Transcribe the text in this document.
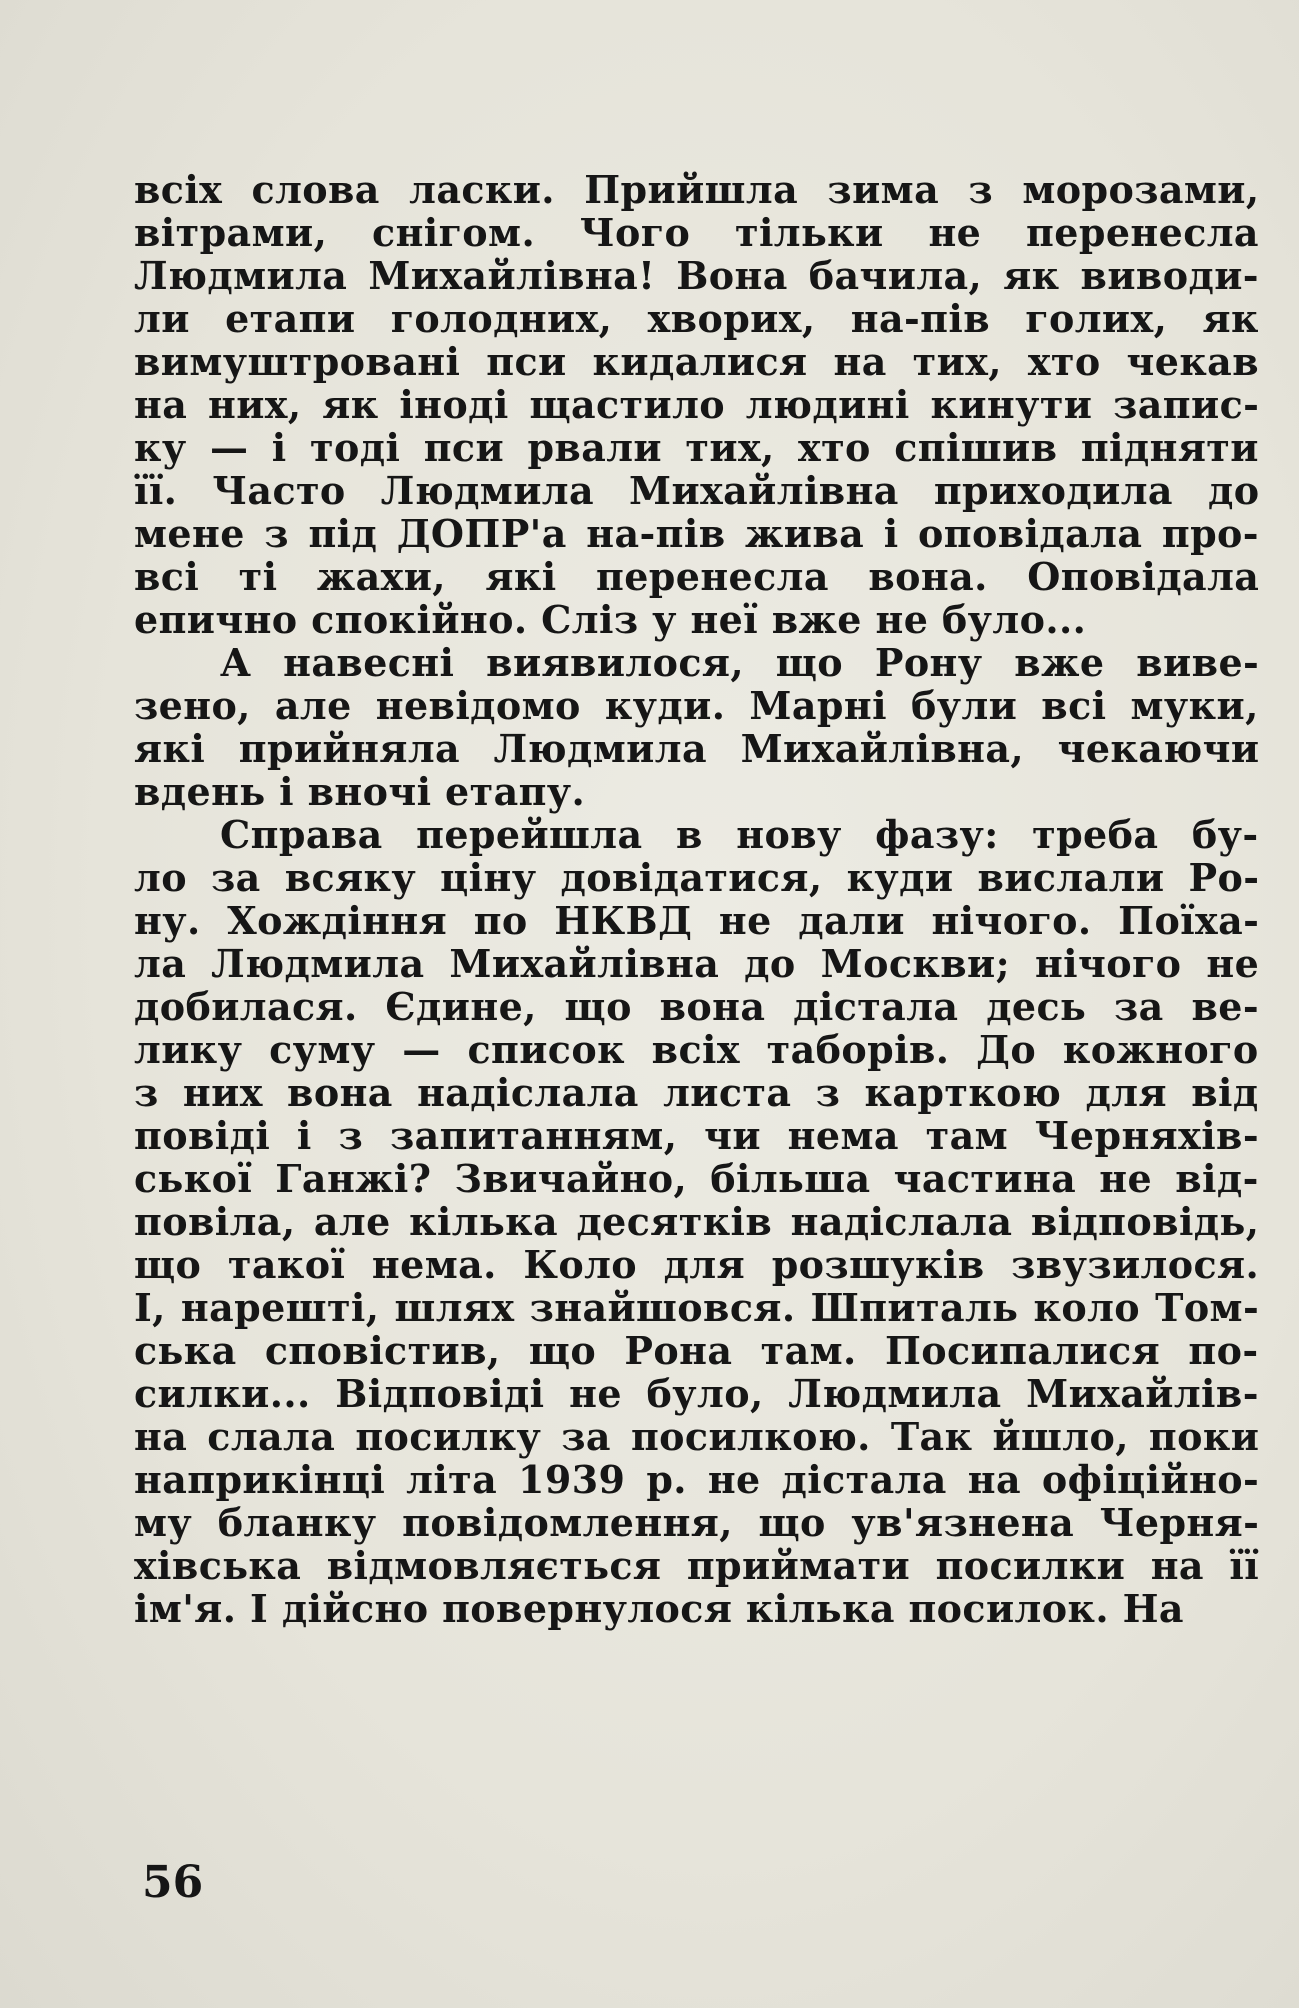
всіх слова ласки. Прийшла зима з морозами,
вітрами, снігом. Чого тільки не перенесла
Людмила Михайлівна! Вона бачила, як виводи-
ли етапи голодних, хворих, на-пів голих, як
вимуштровані пси кидалися на тих, хто чекав
на них, як іноді щастило людині кинути запис-
ку — і тоді пси рвали тих, хто спішив підняти
її. Часто Людмила Михайлівна приходила до
мене з під ДОПР'а на-пів жива і оповідала про-
всі ті жахи, які перенесла вона. Оповідала
епично спокійно. Сліз у неї вже не було...
А навесні виявилося, що Рону вже виве-
зено, але невідомо куди. Марні були всі муки,
які прийняла Людмила Михайлівна, чекаючи
вдень і вночі етапу.
Справа перейшла в нову фазу: треба бу-
ло за всяку ціну довідатися, куди вислали Ро-
ну. Хождіння по НКВД не дали нічого. Поїха-
ла Людмила Михайлівна до Москви; нічого не
добилася. Єдине, що вона дістала десь за ве-
лику суму — список всіх таборів. До кожного
з них вона надіслала листа з карткою для від
повіді і з запитанням, чи нема там Черняхів-
ської Ганжі? Звичайно, більша частина не від-
повіла, але кілька десятків надіслала відповідь,
що такої нема. Коло для розшуків звузилося.
І, нарешті, шлях знайшовся. Шпиталь коло Том-
ська сповістив, що Рона там. Посипалися по-
силки... Відповіді не було, Людмила Михайлів-
на слала посилку за посилкою. Так йшло, поки
наприкінці літа 1939 р. не дістала на офіційно-
му бланку повідомлення, що ув'язнена Черня-
хівська відмовляється приймати посилки на її
ім'я. І дійсно повернулося кілька посилок. На
56
